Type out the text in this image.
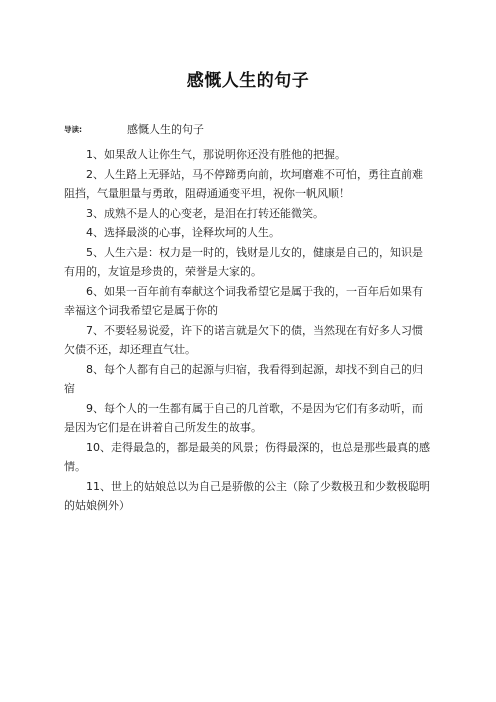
感慨人生的句子
导读:	感慨人生的句子

1、如果敌人让你生气，那说明你还没有胜他的把握。

2、人生路上无驿站，马不停蹄勇向前，坎坷磨难不可怕，勇往直前难阻挡，气量胆量与勇敢，阻碍通通变平坦，祝你一帆风顺！

3、成熟不是人的心变老，是泪在打转还能微笑。

4、选择最淡的心事，诠释坎坷的人生。

5、人生六是：权力是一时的，钱财是儿女的，健康是自己的，知识是有用的，友谊是珍贵的，荣誉是大家的。

6、如果一百年前有奉献这个词我希望它是属于我的，一百年后如果有幸福这个词我希望它是属于你的

7、不要轻易说爱，许下的诺言就是欠下的债，当然现在有好多人习惯欠债不还，却还理直气壮。

8、每个人都有自己的起源与归宿，我看得到起源，却找不到自己的归宿

9、每个人的一生都有属于自己的几首歌，不是因为它们有多动听，而是因为它们是在讲着自己所发生的故事。

10、走得最急的，都是最美的风景；伤得最深的，也总是那些最真的感情。

11、世上的姑娘总以为自己是骄傲的公主（除了少数极丑和少数极聪明的姑娘例外）
